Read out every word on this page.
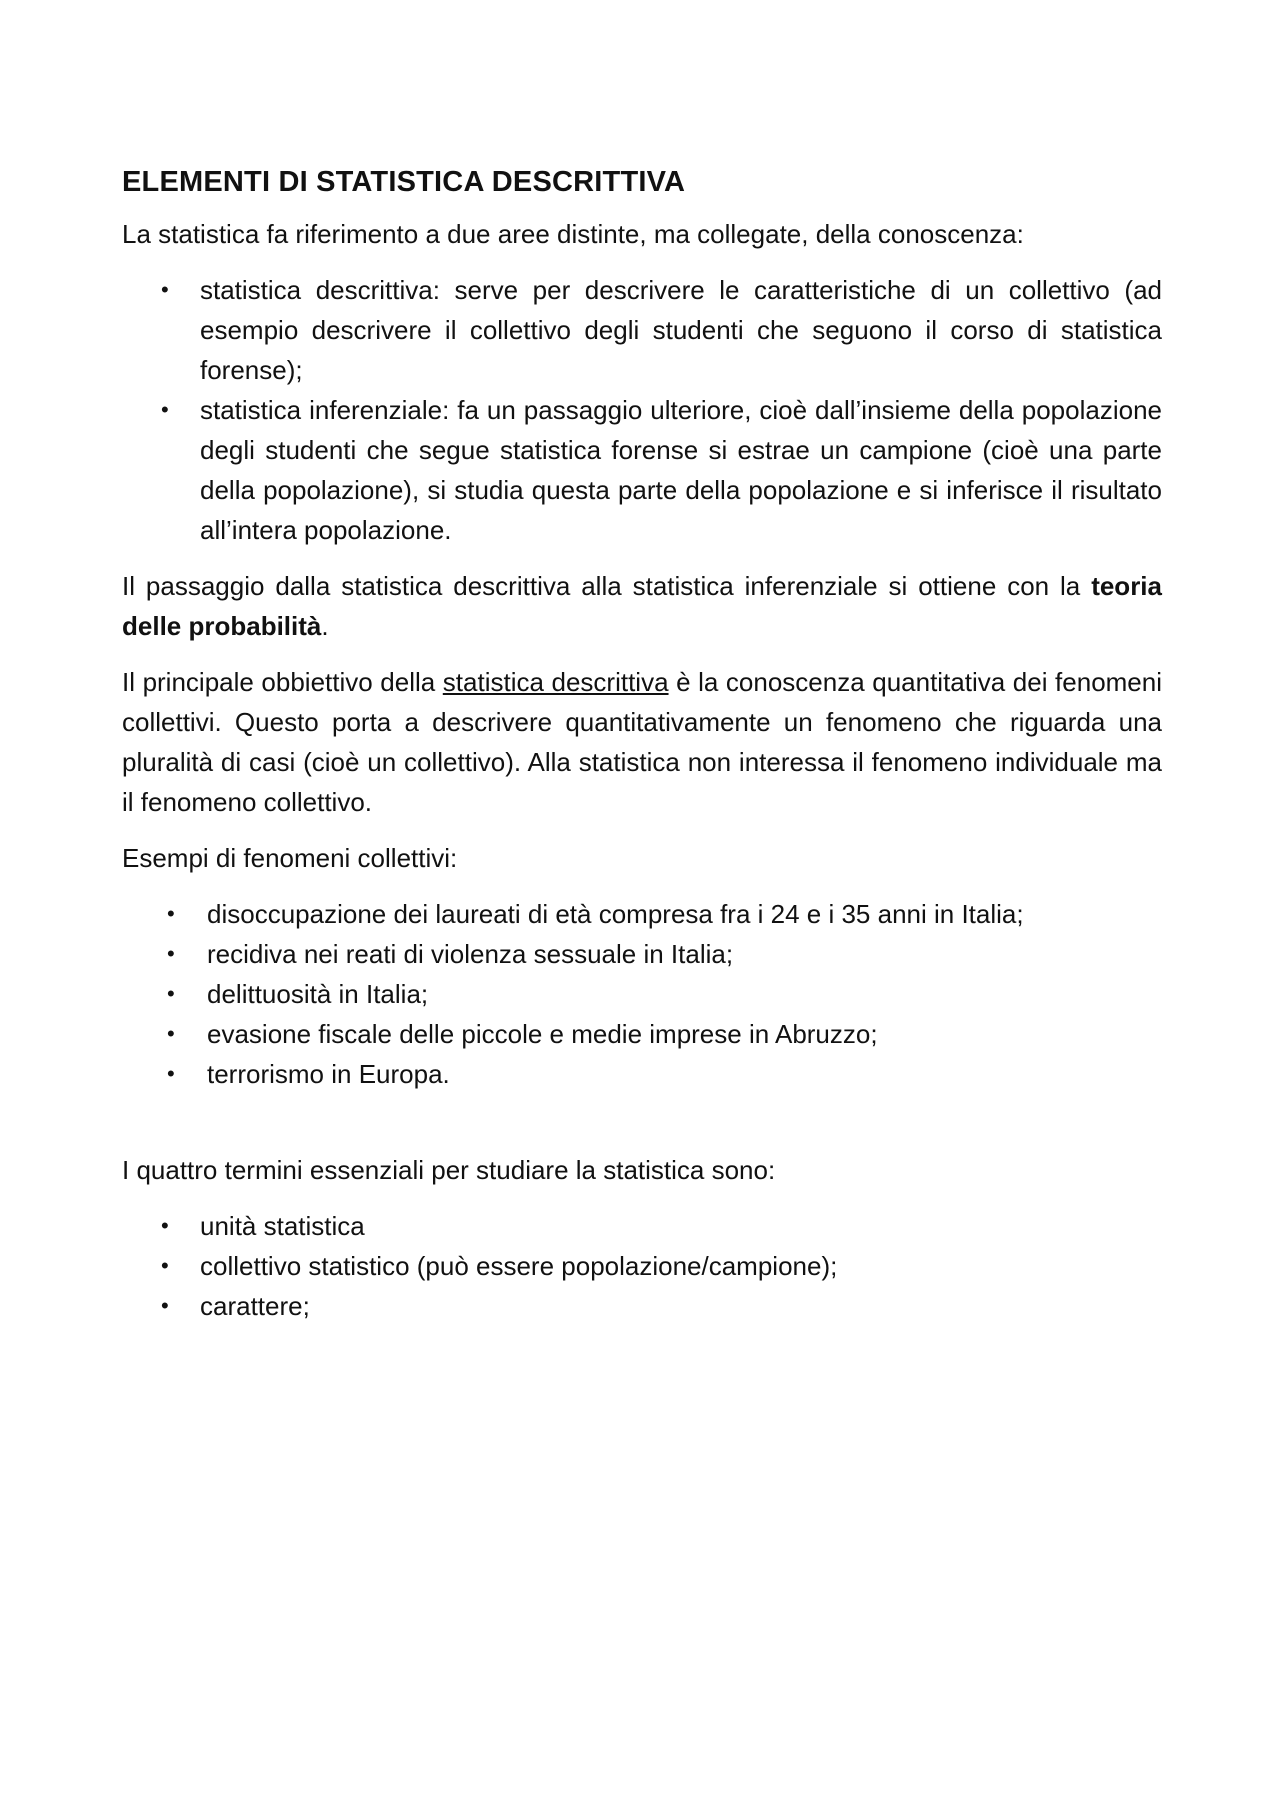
ELEMENTI DI STATISTICA DESCRITTIVA

La statistica fa riferimento a due aree distinte, ma collegate, della conoscenza:

• statistica descrittiva: serve per descrivere le caratteristiche di un collettivo (ad esempio descrivere il collettivo degli studenti che seguono il corso di statistica forense);
• statistica inferenziale: fa un passaggio ulteriore, cioè dall’insieme della popolazione degli studenti che segue statistica forense si estrae un campione (cioè una parte della popolazione), si studia questa parte della popolazione e si inferisce il risultato all’intera popolazione.

Il passaggio dalla statistica descrittiva alla statistica inferenziale si ottiene con la teoria delle probabilità.

Il principale obbiettivo della statistica descrittiva è la conoscenza quantitativa dei fenomeni collettivi. Questo porta a descrivere quantitativamente un fenomeno che riguarda una pluralità di casi (cioè un collettivo). Alla statistica non interessa il fenomeno individuale ma il fenomeno collettivo.

Esempi di fenomeni collettivi:

• disoccupazione dei laureati di età compresa fra i 24 e i 35 anni in Italia;
• recidiva nei reati di violenza sessuale in Italia;
• delittuosità in Italia;
• evasione fiscale delle piccole e medie imprese in Abruzzo;
• terrorismo in Europa.

I quattro termini essenziali per studiare la statistica sono:

• unità statistica
• collettivo statistico (può essere popolazione/campione);
• carattere;
